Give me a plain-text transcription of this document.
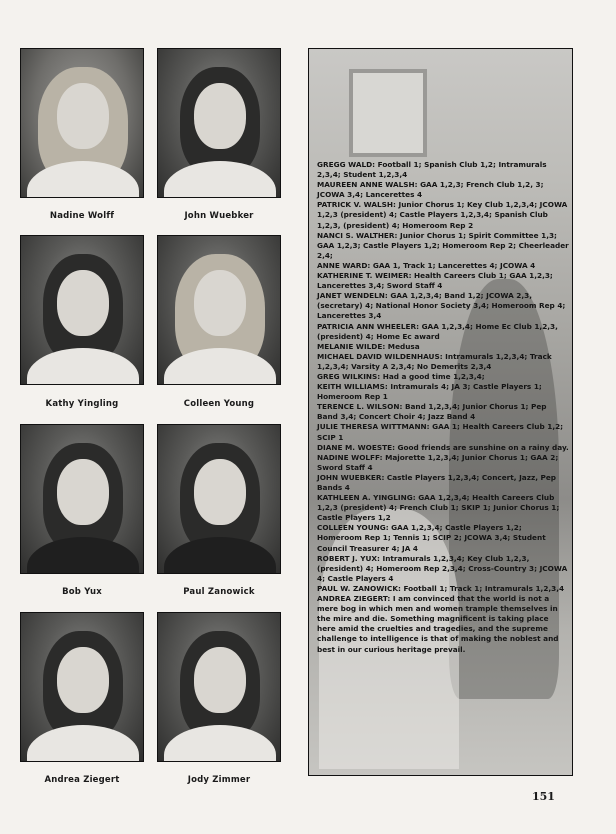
Nadine Wolff	John Wuebker
Kathy Yingling	Colleen Young
Bob Yux	Paul Zanowick
Andrea Ziegert	Jody Zimmer

GREGG WALD: Football 1; Spanish Club 1,2; Intramurals 2,3,4; Student 1,2,3,4

MAUREEN ANNE WALSH: GAA 1,2,3; French Club 1,2, 3; JCOWA 3,4; Lancerettes 4

PATRICK V. WALSH: Junior Chorus 1; Key Club 1,2,3,4; JCOWA 1,2,3 (president) 4; Castle Players 1,2,3,4; Spanish Club 1,2,3, (president) 4; Homeroom Rep 2

NANCI S. WALTHER: Junior Chorus 1; Spirit Committee 1,3; GAA 1,2,3; Castle Players 1,2; Homeroom Rep 2; Cheerleader 2,4;

ANNE WARD: GAA 1, Track 1; Lancerettes 4; JCOWA 4

KATHERINE T. WEIMER: Health Careers Club 1; GAA 1,2,3; Lancerettes 3,4; Sword Staff 4

JANET WENDELN: GAA 1,2,3,4; Band 1,2; JCOWA 2,3, (secretary) 4; National Honor Society 3,4; Homeroom Rep 4; Lancerettes 3,4

PATRICIA ANN WHEELER: GAA 1,2,3,4; Home Ec Club 1,2,3, (president) 4; Home Ec award

MELANIE WILDE: Medusa

MICHAEL DAVID WILDENHAUS: Intramurals 1,2,3,4; Track 1,2,3,4; Varsity A 2,3,4; No Demerits 2,3,4

GREG WILKINS: Had a good time 1,2,3,4;

KEITH WILLIAMS: Intramurals 4; JA 3; Castle Players 1; Homeroom Rep 1

TERENCE L. WILSON: Band 1,2,3,4; Junior Chorus 1; Pep Band 3,4; Concert Choir 4; Jazz Band 4

JULIE THERESA WITTMANN: GAA 1; Health Careers Club 1,2; SCIP 1

DIANE M. WOESTE: Good friends are sunshine on a rainy day.

NADINE WOLFF: Majorette 1,2,3,4; Junior Chorus 1; GAA 2; Sword Staff 4

JOHN WUEBKER: Castle Players 1,2,3,4; Concert, Jazz, Pep Bands 4

KATHLEEN A. YINGLING: GAA 1,2,3,4; Health Careers Club 1,2,3 (president) 4; French Club 1; SKIP 1; Junior Chorus 1; Castle Players 1,2

COLLEEN YOUNG: GAA 1,2,3,4; Castle Players 1,2; Homeroom Rep 1; Tennis 1; SCIP 2; JCOWA 3,4; Student Council Treasurer 4; JA 4

ROBERT J. YUX: Intramurals 1,2,3,4; Key Club 1,2,3, (president) 4; Homeroom Rep 2,3,4; Cross-Country 3; JCOWA 4; Castle Players 4

PAUL W. ZANOWICK: Football 1; Track 1; Intramurals 1,2,3,4

ANDREA ZIEGERT: I am convinced that the world is not a mere bog in which men and women trample themselves in the mire and die. Something magnificent is taking place here amid the cruelties and tragedies, and the supreme challenge to intelligence is that of making the noblest and best in our curious heritage prevail.

151
